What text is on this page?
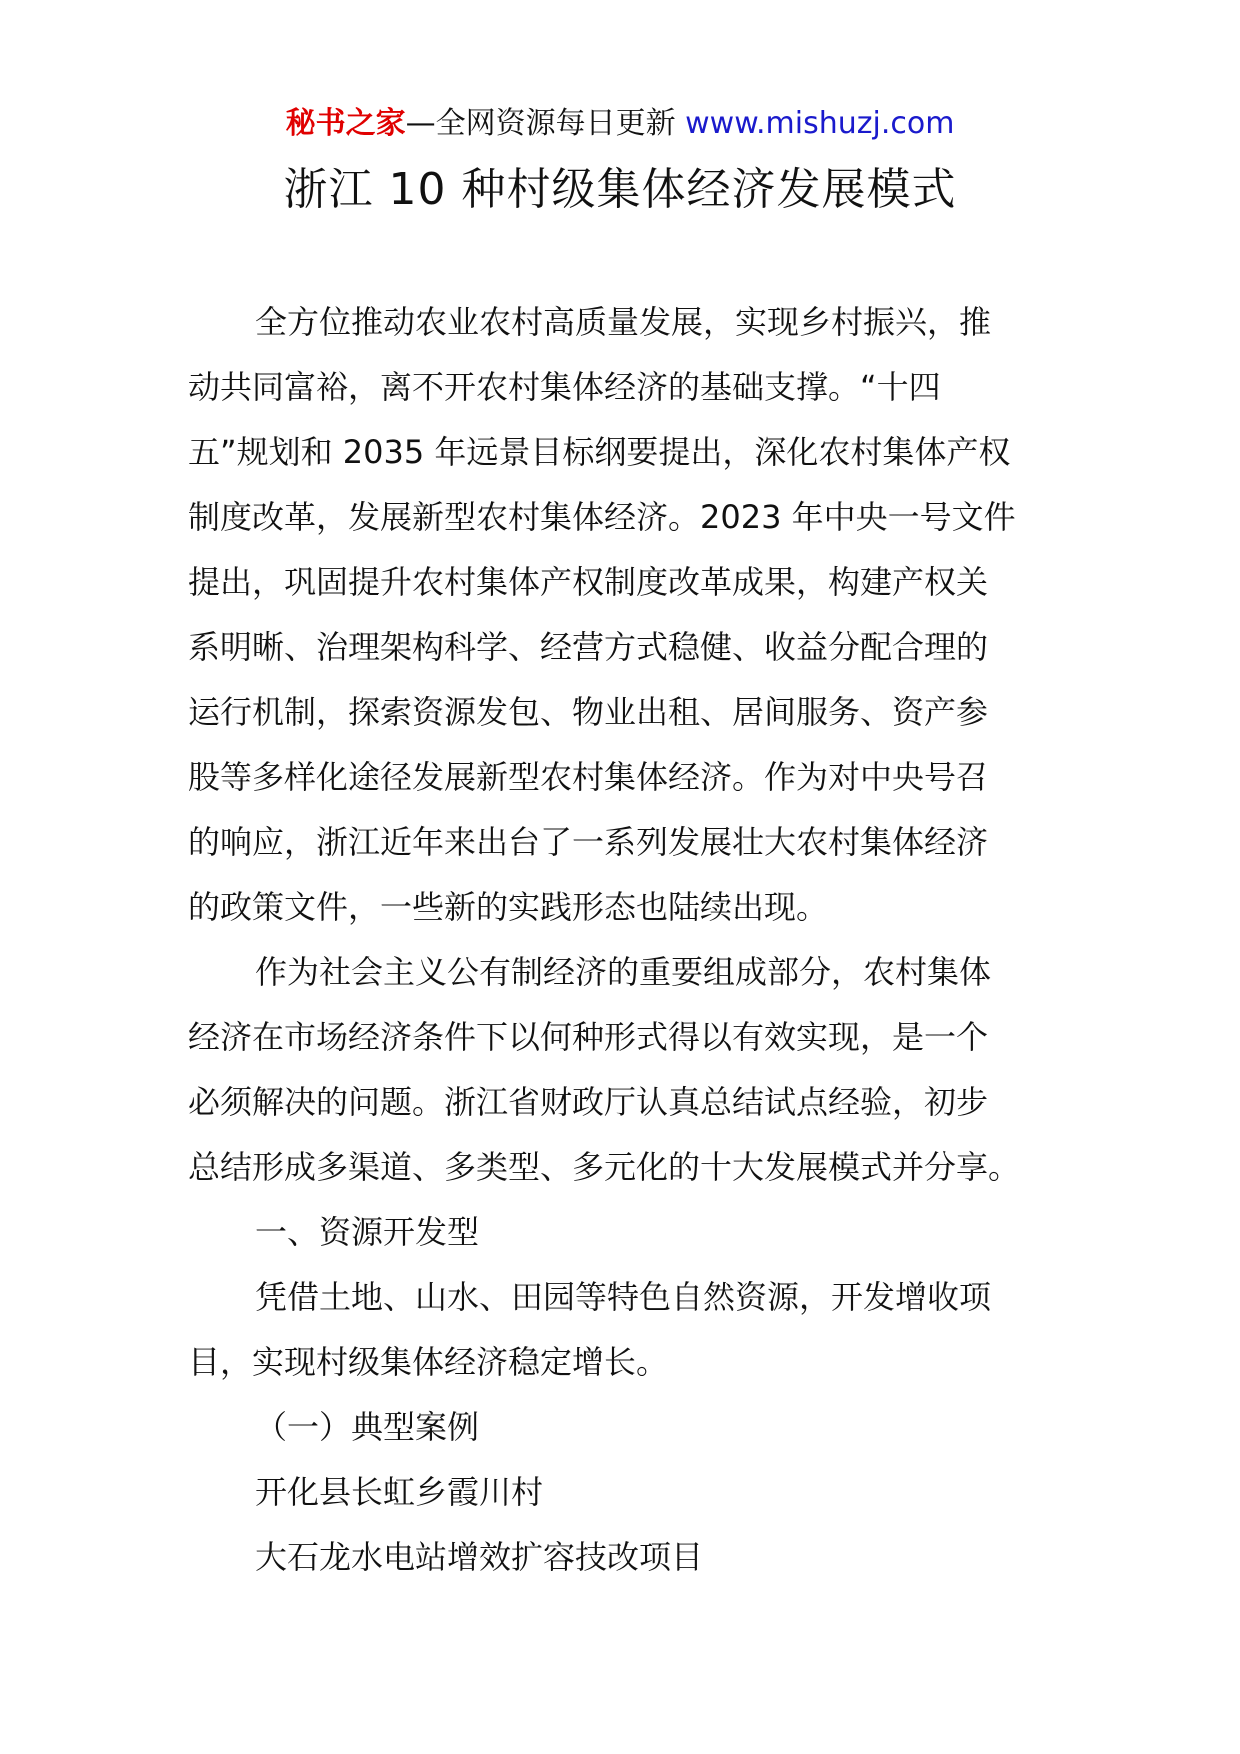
秘书之家—全网资源每日更新 www.mishuzj.com
浙江 10 种村级集体经济发展模式
全方位推动农业农村高质量发展，实现乡村振兴，推
动共同富裕，离不开农村集体经济的基础支撑。“十四
五”规划和 2035 年远景目标纲要提出，深化农村集体产权
制度改革，发展新型农村集体经济。2023 年中央一号文件
提出，巩固提升农村集体产权制度改革成果，构建产权关
系明晰、治理架构科学、经营方式稳健、收益分配合理的
运行机制，探索资源发包、物业出租、居间服务、资产参
股等多样化途径发展新型农村集体经济。作为对中央号召
的响应，浙江近年来出台了一系列发展壮大农村集体经济
的政策文件，一些新的实践形态也陆续出现。
作为社会主义公有制经济的重要组成部分，农村集体
经济在市场经济条件下以何种形式得以有效实现，是一个
必须解决的问题。浙江省财政厅认真总结试点经验，初步
总结形成多渠道、多类型、多元化的十大发展模式并分享。
一、资源开发型
凭借土地、山水、田园等特色自然资源，开发增收项
目，实现村级集体经济稳定增长。
（一）典型案例
开化县长虹乡霞川村
大石龙水电站增效扩容技改项目
